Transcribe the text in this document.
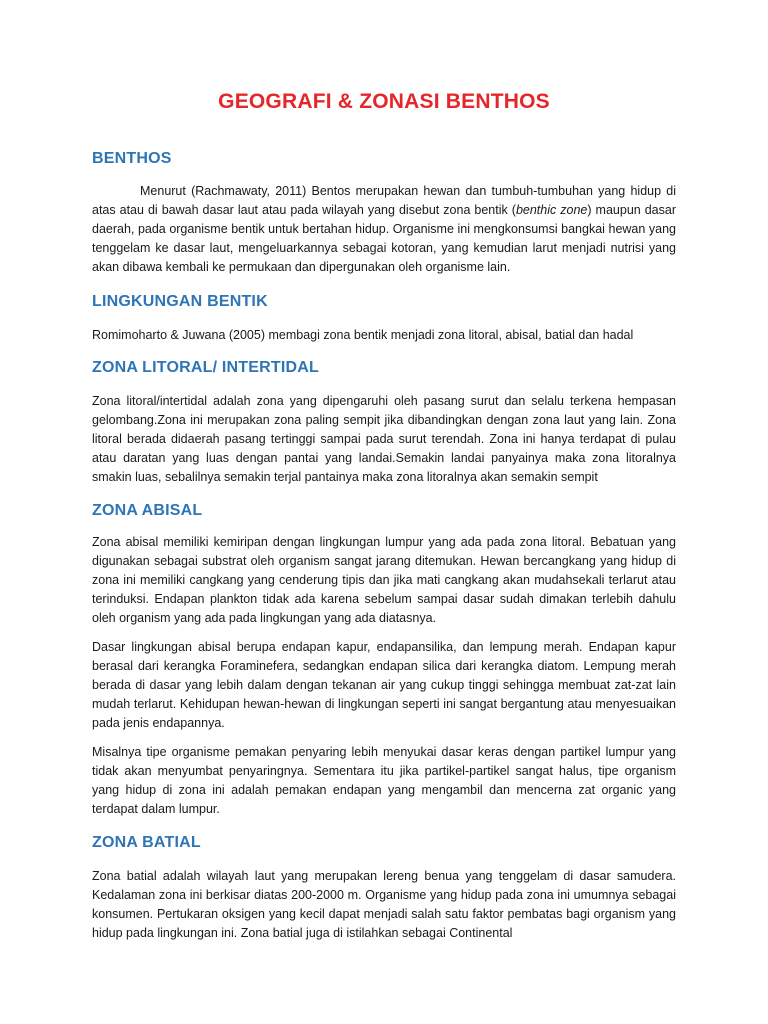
GEOGRAFI & ZONASI BENTHOS
BENTHOS

Menurut (Rachmawaty, 2011) Bentos merupakan hewan dan tumbuh-tumbuhan yang hidup di atas atau di bawah dasar laut atau pada wilayah yang disebut zona bentik (benthic zone) maupun dasar daerah, pada organisme bentik untuk bertahan hidup. Organisme ini mengkonsumsi bangkai hewan yang tenggelam ke dasar laut, mengeluarkannya sebagai kotoran, yang kemudian larut menjadi nutrisi yang akan dibawa kembali ke permukaan dan dipergunakan oleh organisme lain.

LINGKUNGAN BENTIK

Romimoharto & Juwana (2005) membagi zona bentik menjadi zona litoral, abisal, batial dan hadal

ZONA LITORAL/ INTERTIDAL

Zona litoral/intertidal adalah zona yang dipengaruhi oleh pasang surut dan selalu terkena hempasan gelombang.Zona ini merupakan zona paling sempit jika dibandingkan dengan zona laut yang lain. Zona litoral berada didaerah pasang tertinggi sampai pada surut terendah. Zona ini hanya terdapat di pulau atau daratan yang luas dengan pantai yang landai.Semakin landai panyainya maka zona litoralnya smakin luas, sebalilnya semakin terjal pantainya maka zona litoralnya akan semakin sempit

ZONA ABISAL

Zona abisal memiliki kemiripan dengan lingkungan lumpur yang ada pada zona litoral. Bebatuan yang digunakan sebagai substrat oleh organism sangat jarang ditemukan. Hewan bercangkang yang hidup di zona ini memiliki cangkang yang cenderung tipis dan jika mati cangkang akan mudahsekali terlarut atau terinduksi. Endapan plankton tidak ada karena sebelum sampai dasar sudah dimakan terlebih dahulu oleh organism yang ada pada lingkungan yang ada diatasnya.

Dasar lingkungan abisal berupa endapan kapur, endapansilika, dan lempung merah. Endapan kapur berasal dari kerangka Foraminefera, sedangkan endapan silica dari kerangka diatom. Lempung merah berada di dasar yang lebih dalam dengan tekanan air yang cukup tinggi sehingga membuat zat-zat lain mudah terlarut. Kehidupan hewan-hewan di lingkungan seperti ini sangat bergantung atau menyesuaikan pada jenis endapannya.

Misalnya tipe organisme pemakan penyaring lebih menyukai dasar keras dengan partikel lumpur yang tidak akan menyumbat penyaringnya. Sementara itu jika partikel-partikel sangat halus, tipe organism yang hidup di zona ini adalah pemakan endapan yang mengambil dan mencerna zat organic yang terdapat dalam lumpur.

ZONA BATIAL

Zona batial adalah wilayah laut yang merupakan lereng benua yang tenggelam di dasar samudera. Kedalaman zona ini berkisar diatas 200-2000 m. Organisme yang hidup pada zona ini umumnya sebagai konsumen. Pertukaran oksigen yang kecil dapat menjadi salah satu faktor pembatas bagi organism yang hidup pada lingkungan ini. Zona batial juga di istilahkan sebagai Continental
